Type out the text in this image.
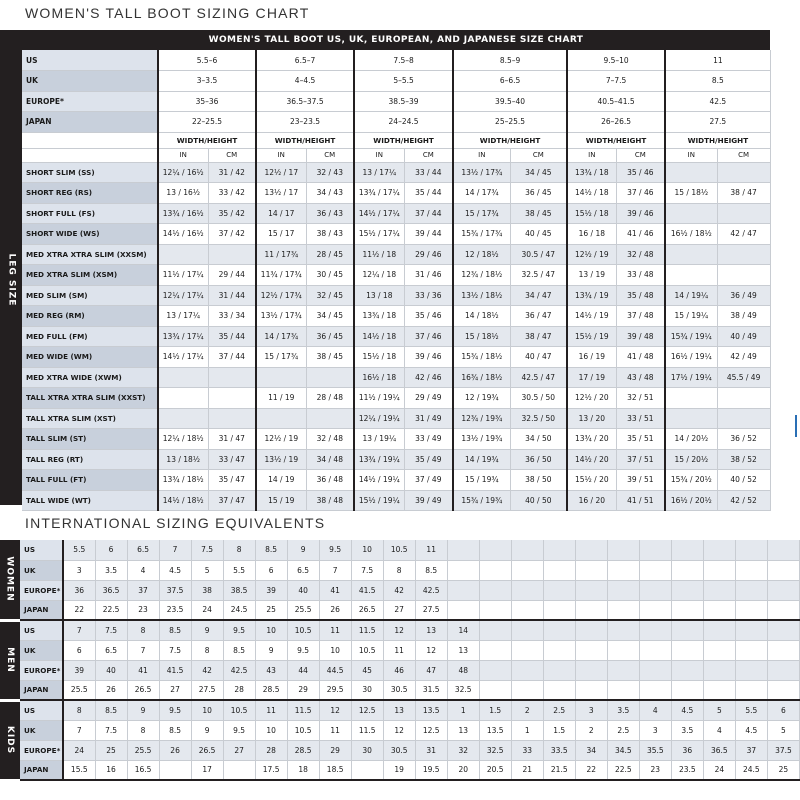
WOMEN'S TALL BOOT SIZING CHART
LEG SIZE
WOMEN'S TALL BOOT US, UK, EUROPEAN, AND JAPANESE SIZE CHART
US	5.5–6		6.5–7		7.5–8		8.5–9		9.5–10		11	
UK	3–3.5		4–4.5		5–5.5		6–6.5		7–7.5		8.5	
EUROPE*	35–36		36.5–37.5		38.5–39		39.5–40		40.5–41.5		42.5	
JAPAN	22–25.5		23–23.5		24–24.5		25–25.5		26–26.5		27.5	
	WIDTH/HEIGHT		WIDTH/HEIGHT		WIDTH/HEIGHT		WIDTH/HEIGHT		WIDTH/HEIGHT		WIDTH/HEIGHT	
	IN	CM	IN	CM	IN	CM	IN	CM	IN	CM	IN	CM
SHORT SLIM (SS)	12¼ / 16½	31 / 42	12½ / 17	32 / 43	13 / 17¼	33 / 44	13½ / 17¾	34 / 45	13¾ / 18	35 / 46		
SHORT REG (RS)	13 / 16½	33 / 42	13½ / 17	34 / 43	13¾ / 17¼	35 / 44	14 / 17¾	36 / 45	14½ / 18	37 / 46	15 / 18½	38 / 47
SHORT FULL (FS)	13¾ / 16½	35 / 42	14 / 17	36 / 43	14½ / 17¼	37 / 44	15 / 17¾	38 / 45	15½ / 18	39 / 46		
SHORT WIDE (WS)	14½ / 16½	37 / 42	15 / 17	38 / 43	15½ / 17¼	39 / 44	15¾ / 17¾	40 / 45	16 / 18	41 / 46	16½ / 18½	42 / 47
MED XTRA XTRA SLIM (XXSM)			11 / 17¾	28 / 45	11½ / 18	29 / 46	12 / 18½	30.5 / 47	12½ / 19	32 / 48		
MED XTRA SLIM (XSM)	11½ / 17¼	29 / 44	11¾ / 17¾	30 / 45	12¼ / 18	31 / 46	12¾ / 18½	32.5 / 47	13 / 19	33 / 48		
MED SLIM (SM)	12¼ / 17¼	31 / 44	12½ / 17¾	32 / 45	13 / 18	33 / 36	13½ / 18½	34 / 47	13¾ / 19	35 / 48	14 / 19¼	36 / 49
MED REG (RM)	13 / 17¼	33 / 34	13½ / 17¾	34 / 45	13¾ / 18	35 / 46	14 / 18½	36 / 47	14½ / 19	37 / 48	15 / 19¼	38 / 49
MED FULL (FM)	13¾ / 17¼	35 / 44	14 / 17¾	36 / 45	14½ / 18	37 / 46	15 / 18½	38 / 47	15½ / 19	39 / 48	15¾ / 19¼	40 / 49
MED WIDE (WM)	14½ / 17¼	37 / 44	15 / 17¾	38 / 45	15½ / 18	39 / 46	15¾ / 18½	40 / 47	16 / 19	41 / 48	16½ / 19¼	42 / 49
MED XTRA WIDE (XWM)					16½ / 18	42 / 46	16¾ / 18½	42.5 / 47	17 / 19	43 / 48	17½ / 19¼	45.5 / 49
TALL XTRA XTRA SLIM (XXST)			11 / 19	28 / 48	11½ / 19¼	29 / 49	12 / 19¾	30.5 / 50	12½ / 20	32 / 51		
TALL XTRA SLIM (XST)					12¼ / 19¼	31 / 49	12¾ / 19¾	32.5 / 50	13 / 20	33 / 51		
TALL SLIM (ST)	12¼ / 18½	31 / 47	12½ / 19	32 / 48	13 / 19¼	33 / 49	13½ / 19¾	34 / 50	13¾ / 20	35 / 51	14 / 20½	36 / 52
TALL REG (RT)	13 / 18½	33 / 47	13½ / 19	34 / 48	13¾ / 19¼	35 / 49	14 / 19¾	36 / 50	14½ / 20	37 / 51	15 / 20½	38 / 52
TALL FULL (FT)	13¾ / 18½	35 / 47	14 / 19	36 / 48	14½ / 19¼	37 / 49	15 / 19¾	38 / 50	15½ / 20	39 / 51	15¾ / 20½	40 / 52
TALL WIDE (WT)	14½ / 18½	37 / 47	15 / 19	38 / 48	15½ / 19¼	39 / 49	15¾ / 19¾	40 / 50	16 / 20	41 / 51	16½ / 20½	42 / 52
INTERNATIONAL SIZING EQUIVALENTS
WOMEN	US	5.5	6	6.5	7	7.5	8	8.5	9	9.5	10	10.5	11											
	UK	3	3.5	4	4.5	5	5.5	6	6.5	7	7.5	8	8.5											
	EUROPE*	36	36.5	37	37.5	38	38.5	39	40	41	41.5	42	42.5											
	JAPAN	22	22.5	23	23.5	24	24.5	25	25.5	26	26.5	27	27.5											

MEN	US	7	7.5	8	8.5	9	9.5	10	10.5	11	11.5	12	13	14										
	UK	6	6.5	7	7.5	8	8.5	9	9.5	10	10.5	11	12	13										
	EUROPE*	39	40	41	41.5	42	42.5	43	44	44.5	45	46	47	48										
	JAPAN	25.5	26	26.5	27	27.5	28	28.5	29	29.5	30	30.5	31.5	32.5										

KIDS	US	8	8.5	9	9.5	10	10.5	11	11.5	12	12.5	13	13.5	1	1.5	2	2.5	3	3.5	4	4.5	5	5.5	6
	UK	7	7.5	8	8.5	9	9.5	10	10.5	11	11.5	12	12.5	13	13.5	1	1.5	2	2.5	3	3.5	4	4.5	5
	EUROPE*	24	25	25.5	26	26.5	27	28	28.5	29	30	30.5	31	32	32.5	33	33.5	34	34.5	35.5	36	36.5	37	37.5
	JAPAN	15.5	16	16.5		17		17.5	18	18.5		19	19.5	20	20.5	21	21.5	22	22.5	23	23.5	24	24.5	25
